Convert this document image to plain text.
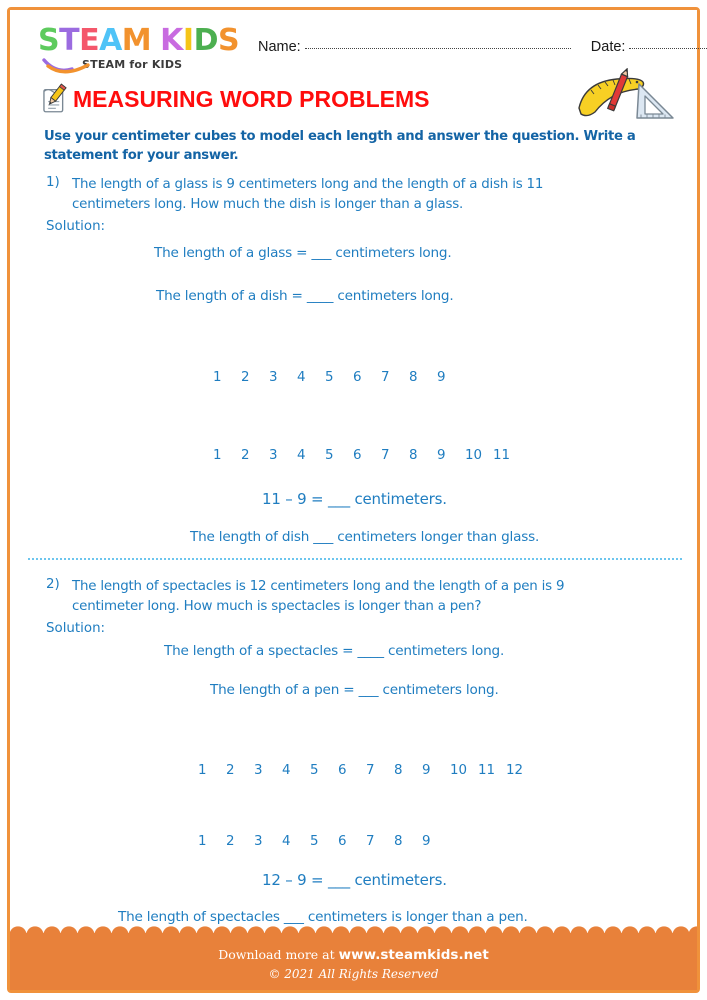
STEAM KIDS
STEAM for KIDS
Name:	Date:
MEASURING WORD PROBLEMS
Use your centimeter cubes to model each length and answer the question. Write a statement for your answer.
1) The length of a glass is 9 centimeters long and the length of a dish is 11
centimeters long. How much the dish is longer than a glass.
Solution:
The length of a glass = ___ centimeters long.
The length of a dish = ____ centimeters long.
1 2 3 4 5 6 7 8 9
1 2 3 4 5 6 7 8 9 10 11
11 – 9 = ___ centimeters.
The length of dish ___ centimeters longer than glass.
2) The length of spectacles is 12 centimeters long and the length of a pen is 9
centimeter long. How much is spectacles is longer than a pen?
Solution:
The length of a spectacles = ____ centimeters long.
The length of a pen = ___ centimeters long.
1 2 3 4 5 6 7 8 9 10 11 12
1 2 3 4 5 6 7 8 9
12 – 9 = ___ centimeters.
The length of spectacles ___ centimeters is longer than a pen.
Download more at www.steamkids.net
© 2021 All Rights Reserved
